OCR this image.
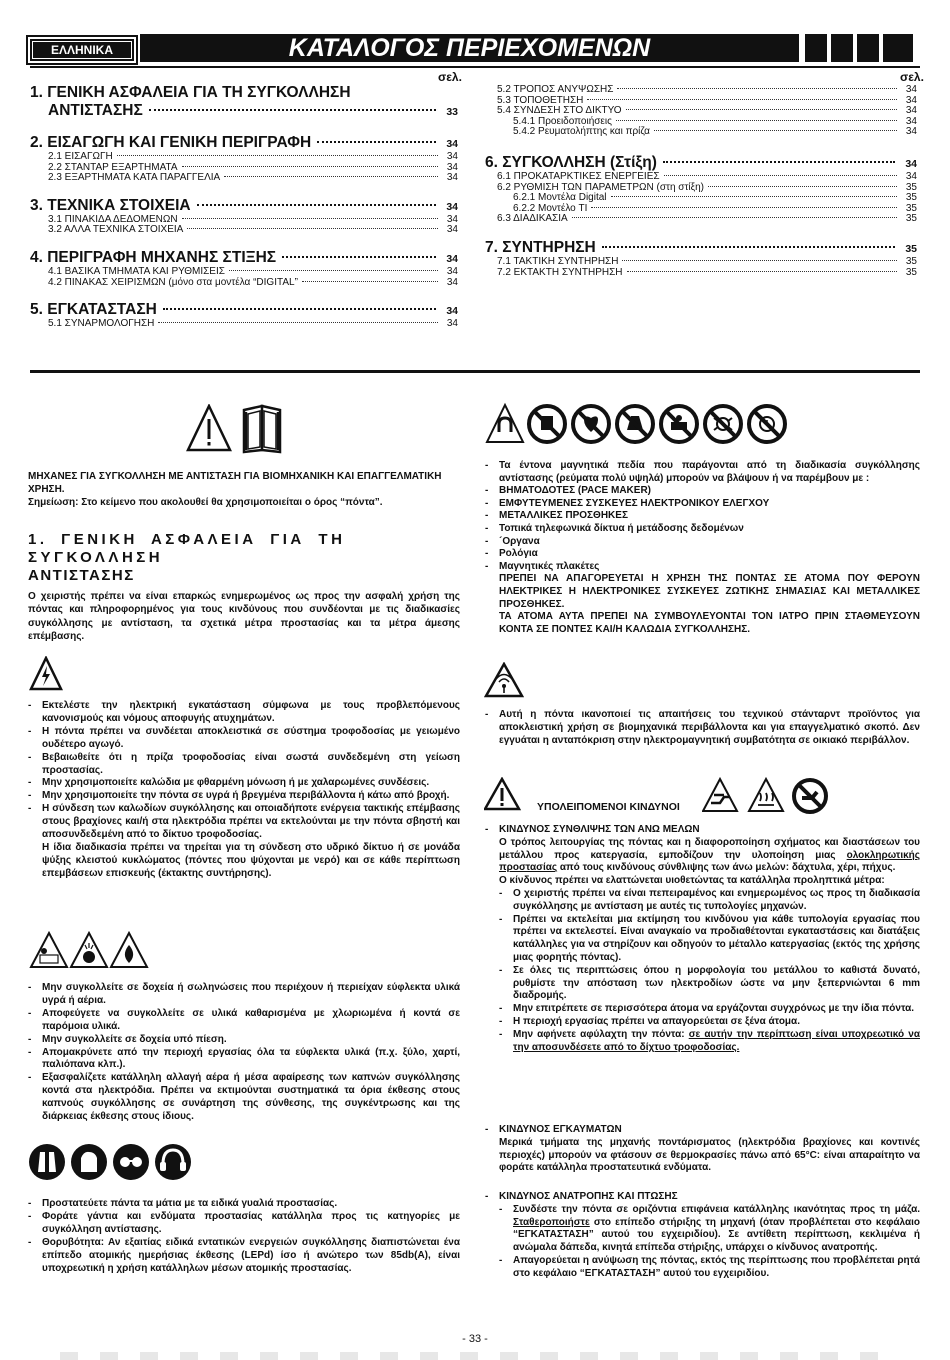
ΕΛΛΗΝΙΚΑ	ΚΑΤΑΛΟΓΟΣ ΠΕΡΙΕΧΟΜΕΝΩΝ
σελ.
1. ΓΕΝΙΚΗ ΑΣΦΑΛΕΙΑ ΓΙΑ ΤΗ ΣΥΓΚΟΛΛΗΣΗ
ΑΝΤΙΣΤΑΣΗΣ	33
2. ΕΙΣΑΓΩΓΗ ΚΑΙ ΓΕΝΙΚΗ ΠΕΡΙΓΡΑΦΗ	34
2.1 ΕΙΣΑΓΩΓΗ	34
2.2 ΣΤΑΝΤΑΡ ΕΞΑΡΤΗΜΑΤΑ	34
2.3 ΕΞΑΡΤΗΜΑΤΑ ΚΑΤΑ ΠΑΡΑΓΓΕΛΙΑ	34
3. ΤΕΧΝΙΚΑ ΣΤΟΙΧΕΙΑ	34
3.1 ΠΙΝΑΚΙΔΑ ΔΕΔΟΜΕΝΩΝ	34
3.2 ΑΛΛΑ ΤΕΧΝΙΚΑ ΣΤΟΙΧΕΙΑ	34
4. ΠΕΡΙΓΡΑΦΗ ΜΗΧΑΝΗΣ ΣΤΙΞΗΣ	34
4.1 ΒΑΣΙΚΑ ΤΜΗΜΑΤΑ ΚΑΙ ΡΥΘΜΙΣΕΙΣ	34
4.2 ΠΙΝΑΚΑΣ ΧΕΙΡΙΣΜΩΝ (μόνο στα μοντέλα “DIGITAL”	34
5. ΕΓΚΑΤΑΣΤΑΣΗ	34
5.1 ΣΥΝΑΡΜΟΛΟΓΗΣΗ	34
σελ.
5.2 ΤΡΟΠΟΣ ΑΝΥΨΩΣΗΣ	34
5.3 ΤΟΠΟΘΕΤΗΣΗ	34
5.4 ΣΥΝΔΕΣΗ ΣΤΟ ΔΙΚΤΥΟ	34
5.4.1 Προειδοποιήσεις	34
5.4.2 Ρευματολήπτης και πρίζα	34
6. ΣΥΓΚΟΛΛΗΣΗ (Στίξη)	34
6.1 ΠΡΟΚΑΤΑΡΚΤΙΚΕΣ ΕΝΕΡΓΕΙΕΣ	34
6.2 ΡΥΘΜΙΣΗ ΤΩΝ ΠΑΡΑΜΕΤΡΩΝ (στη στίξη)	35
6.2.1 Μοντέλα Digital	35
6.2.2 Μοντέλο TI	35
6.3 ΔΙΑΔΙΚΑΣΙΑ	35
7. ΣΥΝΤΗΡΗΣΗ	35
7.1 ΤΑΚΤΙΚΗ ΣΥΝΤΗΡΗΣΗ	35
7.2 ΕΚΤΑΚΤΗ ΣΥΝΤΗΡΗΣΗ	35
ΜΗΧΑΝΕΣ ΓΙΑ ΣΥΓΚΟΛΛΗΣΗ ΜΕ ΑΝΤΙΣΤΑΣΗ ΓΙΑ ΒΙΟΜΗΧΑΝΙΚΗ ΚΑΙ ΕΠΑΓΓΕΛΜΑΤΙΚΗ ΧΡΗΣΗ.
Σημείωση: Στο κείμενο που ακολουθεί θα χρησιμοποιείται ο όρος “πόντα”.
1. ΓΕΝΙΚΗ ΑΣΦΑΛΕΙΑ ΓΙΑ ΤΗ ΣΥΓΚΟΛΛΗΣΗ
ΑΝΤΙΣΤΑΣΗΣ
Ο χειριστής πρέπει να είναι επαρκώς ενημερωμένος ως προς την ασφαλή χρήση της πόντας και πληροφορημένος για τους κινδύνους που συνδέονται με τις διαδικασίες συγκόλλησης με αντίσταση, τα σχετικά μέτρα προστασίας και τα μέτρα άμεσης επέμβασης.
-	Εκτελέστε την ηλεκτρική εγκατάσταση σύμφωνα με τους προβλεπόμενους κανονισμούς και νόμους αποφυγής ατυχημάτων.
-	Η πόντα πρέπει να συνδέεται αποκλειστικά σε σύστημα τροφοδοσίας με γειωμένο ουδέτερο αγωγό.
-	Βεβαιωθείτε ότι η πρίζα τροφοδοσίας είναι σωστά συνδεδεμένη στη γείωση προστασίας.
-	Μην χρησιμοποιείτε καλώδια με φθαρμένη μόνωση ή με χαλαρωμένες συνδέσεις.
-	Μην χρησιμοποιείτε την πόντα σε υγρά ή βρεγμένα περιβάλλοντα ή κάτω από βροχή.
-	Η σύνδεση των καλωδίων συγκόλλησης και οποιαδήποτε ενέργεια τακτικής επέμβασης στους βραχίονες και/ή στα ηλεκτρόδια πρέπει να εκτελούνται με την πόντα σβηστή και αποσυνδεδεμένη από το δίκτυο τροφοδοσίας.
Η ίδια διαδικασία πρέπει να τηρείται για τη σύνδεση στο υδρικό δίκτυο ή σε μονάδα ψύξης κλειστού κυκλώματος (πόντες που ψύχονται με νερό) και σε κάθε περίπτωση επεμβάσεων επισκευής (έκτακτης συντήρησης).
-	Μην συγκολλείτε σε δοχεία ή σωληνώσεις που περιέχουν ή περιείχαν εύφλεκτα υλικά υγρά ή αέρια.
-	Αποφεύγετε να συγκολλείτε σε υλικά καθαρισμένα με χλωριωμένα ή κοντά σε παρόμοια υλικά.
-	Μην συγκολλείτε σε δοχεία υπό πίεση.
-	Απομακρύνετε από την περιοχή εργασίας όλα τα εύφλεκτα υλικά (π.χ. ξύλο, χαρτί, παλιόπανα κλπ.).
-	Εξασφαλίζετε κατάλληλη αλλαγή αέρα ή μέσα αφαίρεσης των καπνών συγκόλλησης κοντά στα ηλεκτρόδια. Πρέπει να εκτιμούνται συστηματικά τα όρια έκθεσης στους καπνούς συγκόλλησης σε συνάρτηση της σύνθεσης, της συγκέντρωσης και της διάρκειας έκθεσης στους ίδιους.
-	Προστατεύετε πάντα τα μάτια με τα ειδικά γυαλιά προστασίας.
-	Φοράτε γάντια και ενδύματα προστασίας κατάλληλα προς τις κατηγορίες με συγκόλληση αντίστασης.
-	Θορυβότητα: Αν εξαιτίας ειδικά εντατικών ενεργειών συγκόλλησης διαπιστώνεται ένα επίπεδο ατομικής ημερήσιας έκθεσης (LEPd) ίσο ή ανώτερο των 85db(A), είναι υποχρεωτική η χρήση κατάλληλων μέσων ατομικής προστασίας.
-	Τα έντονα μαγνητικά πεδία που παράγονται από τη διαδικασία συγκόλλησης αντίστασης (ρεύματα πολύ υψηλά) μπορούν να βλάψουν ή να παρέμβουν με :
-	ΒΗΜΑΤΟΔΟΤΕΣ (PACE MAKER)
-	ΕΜΦΥΤΕΥΜΕΝΕΣ ΣΥΣΚΕΥΕΣ ΗΛΕΚΤΡΟΝΙΚΟΥ ΕΛΕΓΧΟΥ
-	ΜΕΤΑΛΛΙΚΕΣ ΠΡΟΣΘΗΚΕΣ
-	Τοπικά τηλεφωνικά δίκτυα ή μετάδοσης δεδομένων
-	´Οργανα
-	Ρολόγια
-	Μαγνητικές πλακέτες
ΠΡΕΠΕΙ ΝΑ ΑΠΑΓΟΡΕΥΕΤΑΙ Η ΧΡΗΣΗ ΤΗΣ ΠΟΝΤΑΣ ΣΕ ΑΤΟΜΑ ΠΟΥ ΦΕΡΟΥΝ ΗΛΕΚΤΡΙΚΕΣ Η ΗΛΕΚΤΡΟΝΙΚΕΣ ΣΥΣΚΕΥΕΣ ΖΩΤΙΚΗΣ ΣΗΜΑΣΙΑΣ ΚΑΙ ΜΕΤΑΛΛΙΚΕΣ ΠΡΟΣΘΗΚΕΣ.
ΤΑ ΑΤΟΜΑ ΑΥΤΑ ΠΡΕΠΕΙ ΝΑ ΣΥΜΒΟΥΛΕΥΟΝΤΑΙ ΤΟΝ ΙΑΤΡΟ ΠΡΙΝ ΣΤΑΘΜΕΥΣΟΥΝ ΚΟΝΤΑ ΣΕ ΠΟΝΤΕΣ ΚΑΙ/Η ΚΑΛΩΔΙΑ ΣΥΓΚΟΛΛΗΣΗΣ.
-	Αυτή η πόντα ικανοποιεί τις απαιτήσεις του τεχνικού στάνταρντ προϊόντος για αποκλειστική χρήση σε βιομηχανικά περιβάλλοντα και για επαγγελματικό σκοπό. Δεν εγγυάται η ανταπόκριση στην ηλεκτρομαγνητική συμβατότητα σε οικιακό περιβάλλον.
ΥΠΟΛΕΙΠΟΜΕΝΟΙ ΚΙΝΔΥΝΟΙ
-	ΚΙΝΔΥΝΟΣ ΣΥΝΘΛΙΨΗΣ ΤΩΝ ΑΝΩ ΜΕΛΩΝ
Ο τρόπος λειτουργίας της πόντας και η διαφοροποίηση σχήματος και διαστάσεων του μετάλλου προς κατεργασία, εμποδίζουν την υλοποίηση μιας ολοκληρωτικής προστασίας από τους κινδύνους σύνθλιψης των άνω μελών: δάχτυλα, χέρι, πήχυς.
Ο κίνδυνος πρέπει να ελαττώνεται υιοθετώντας τα κατάλληλα προληπτικά μέτρα:
-	Ο χειριστής πρέπει να είναι πεπειραμένος και ενημερωμένος ως προς τη διαδικασία συγκόλλησης με αντίσταση με αυτές τις τυπολογίες μηχανών.
-	Πρέπει να εκτελείται μια εκτίμηση του κινδύνου για κάθε τυπολογία εργασίας που πρέπει να εκτελεστεί. Είναι αναγκαίο να προδιαθέτονται εγκαταστάσεις και διατάξεις κατάλληλες για να στηρίζουν και οδηγούν το μέταλλο κατεργασίας (εκτός της χρήσης μιας φορητής πόντας).
-	Σε όλες τις περιπτώσεις όπου η μορφολογία του μετάλλου το καθιστά δυνατό, ρυθμίστε την απόσταση των ηλεκτροδίων ώστε να μην ξεπερνιώνται 6 mm διαδρομής.
-	Μην επιτρέπετε σε περισσότερα άτομα να εργάζονται συγχρόνως με την ίδια πόντα.
-	Η περιοχή εργασίας πρέπει να απαγορεύεται σε ξένα άτομα.
-	Μην αφήνετε αφύλαχτη την πόντα: σε αυτήν την περίπτωση είναι υποχρεωτικό να την αποσυνδέσετε από το δίχτυο τροφοδοσίας.
-	ΚΙΝΔΥΝΟΣ ΕΓΚΑΥΜΑΤΩΝ
Μερικά τμήματα της μηχανής ποντάρισματος (ηλεκτρόδια βραχίονες και κοντινές περιοχές) μπορούν να φτάσουν σε θερμοκρασίες πάνω από 65°C: είναι απαραίτητο να φοράτε κατάλληλα προστατευτικά ενδύματα.
-	ΚΙΝΔΥΝΟΣ ΑΝΑΤΡΟΠΗΣ ΚΑΙ ΠΤΩΣΗΣ
-	Συνδέστε την πόντα σε οριζόντια επιφάνεια κατάλληλης ικανότητας προς τη μάζα. Σταθεροποιήστε στο επίπεδο στήριξης τη μηχανή (όταν προβλέπεται στο κεφάλαιο “ΕΓΚΑΤΑΣΤΑΣΗ” αυτού του εγχειριδίου). Σε αντίθετη περίπτωση, κεκλιμένα ή ανώμαλα δάπεδα, κινητά επίπεδα στήριξης, υπάρχει ο κίνδυνος ανατροπής.
-	Απαγορεύεται η ανύψωση της πόντας, εκτός της περίπτωσης που προβλέπεται ρητά στο κεφάλαιο “ΕΓΚΑΤΑΣΤΑΣΗ” αυτού του εγχειριδίου.
- 33 -
